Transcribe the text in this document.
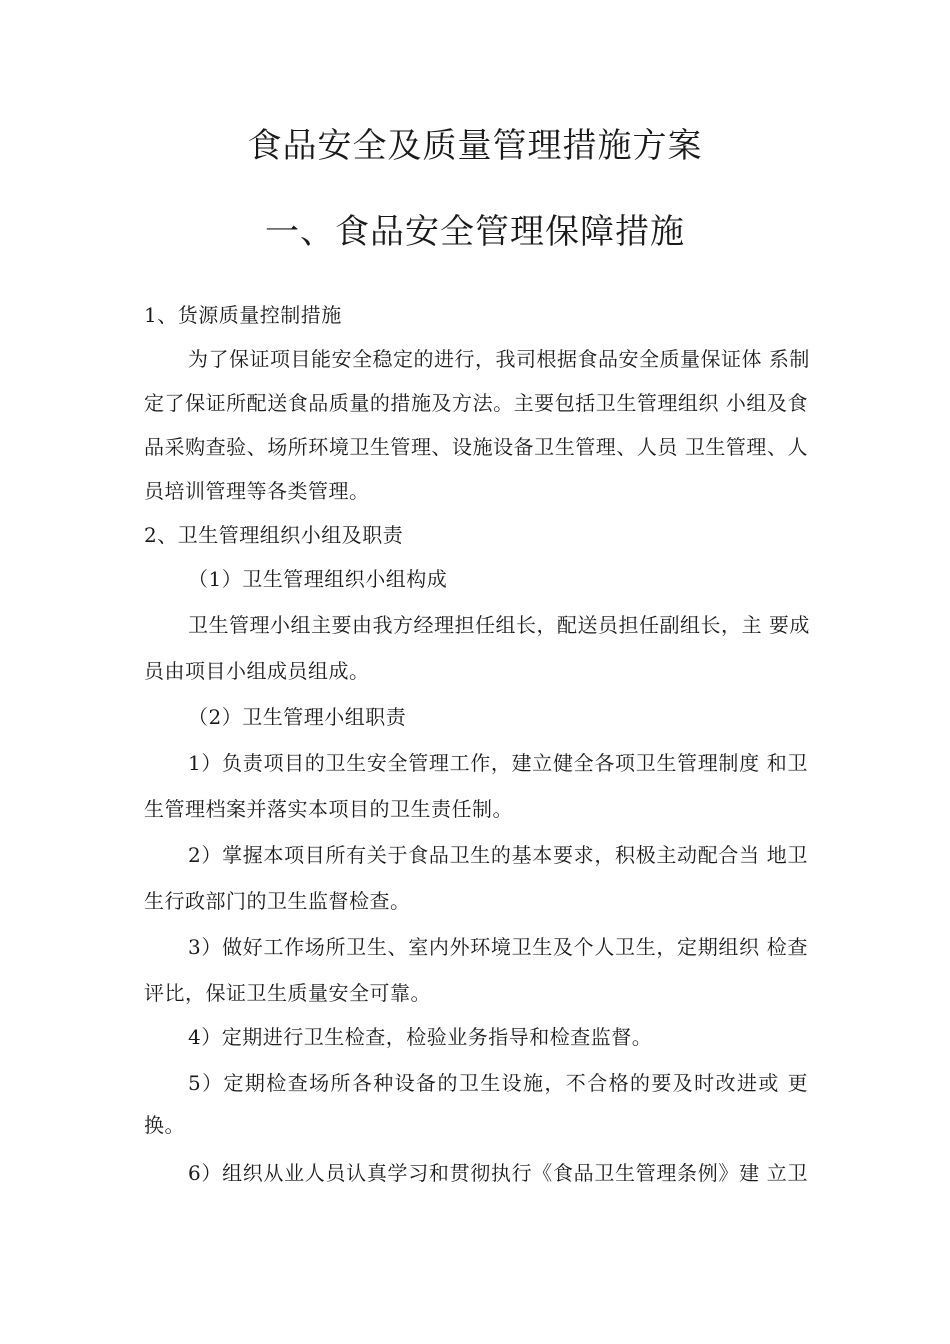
食品安全及质量管理措施方案
一、食品安全管理保障措施
1、货源质量控制措施
为了保证项目能安全稳定的进行，我司根据食品安全质量保证体 系制
定了保证所配送食品质量的措施及方法。主要包括卫生管理组织 小组及食
品采购查验、场所环境卫生管理、设施设备卫生管理、人员 卫生管理、人
员培训管理等各类管理。
2、卫生管理组织小组及职责
（1）卫生管理组织小组构成
卫生管理小组主要由我方经理担任组长，配送员担任副组长，主 要成
员由项目小组成员组成。
（2）卫生管理小组职责
1）负责项目的卫生安全管理工作，建立健全各项卫生管理制度 和卫
生管理档案并落实本项目的卫生责任制。
2）掌握本项目所有关于食品卫生的基本要求，积极主动配合当 地卫
生行政部门的卫生监督检查。
3）做好工作场所卫生、室内外环境卫生及个人卫生，定期组织 检查
评比，保证卫生质量安全可靠。
4）定期进行卫生检查，检验业务指导和检查监督。
5）定期检查场所各种设备的卫生设施，不合格的要及时改进或 更
换。
6）组织从业人员认真学习和贯彻执行《食品卫生管理条例》建 立卫
